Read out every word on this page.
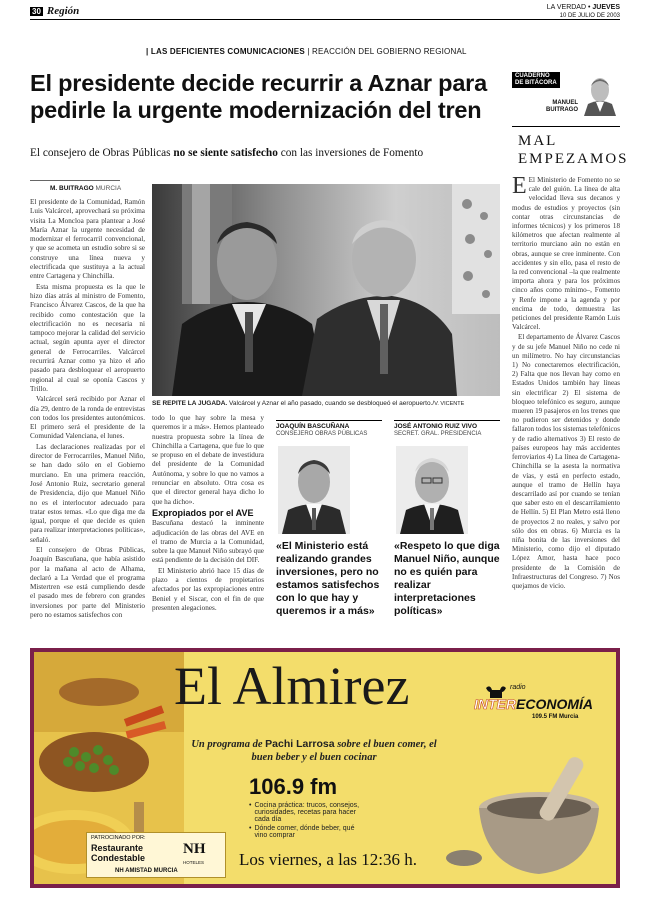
30 Región	LA VERDAD • JUEVES
10 DE JULIO DE 2003
| LAS DEFICIENTES COMUNICACIONES | REACCIÓN DEL GOBIERNO REGIONAL
El presidente decide recurrir a Aznar para pedirle la urgente modernización del tren
El consejero de Obras Públicas no se siente satisfecho con las inversiones de Fomento
M. BUITRAGO MURCIA

El presidente de la Comunidad, Ramón Luis Valcárcel, aprovechará su próxima visita La Moncloa para plantear a José María Aznar la urgente necesidad de modernizar el ferrocarril convencional, y que se acometa un estudio sobre si se construye una línea nueva y electrificada que sustituya a la actual entre Cartagena y Chinchilla.

Esta misma propuesta es la que le hizo días atrás al ministro de Fomento, Francisco Álvarez Cascos, de la que ha recibido como contestación que la electrificación no es necesaria ni tampoco mejorar la calidad del servicio actual, según apunta ayer el director general de Ferrocarriles. Valcárcel recurrirá Aznar como ya hizo el año pasado para desbloquear el aeropuerto regional al cual se oponía Cascos y Trillo.

Valcárcel será recibido por Aznar el día 29, dentro de la ronda de entrevistas con todos los presidentes autonómicos. El primero será el presidente de la Comunidad Valenciana, el lunes.

Las declaraciones realizadas por el director de Ferrocarriles, Manuel Niño, se han dado sólo en el Gobierno murciano. En una primera reacción, José Antonio Ruiz, secretario general de Presidencia, dijo que Manuel Niño no es el interlocutor adecuado para tratar estos temas. «Lo que diga me da igual, porque el que decide es quien para realizar interpretaciones políticas», señaló.

El consejero de Obras Públicas, Joaquín Bascuñana, que había asistido por la mañana al acto de Alhama, declaró a La Verdad que el programa Mistertren «se está cumpliendo desde el pasado mes de febrero con grandes inversiones por parte del Ministerio pero no estamos satisfechos con

SE REPITE LA JUGADA. Valcárcel y Aznar el año pasado, cuando se desbloqueó el aeropuerto./V. VICENTE

todo lo que hay sobre la mesa y queremos ir a más». Hemos planteado nuestra propuesta sobre la línea de Chinchilla a Cartagena, que fue lo que se propuso en el debate de investidura del presidente de la Comunidad Autónoma, y sobre lo que no vamos a renunciar en absoluto. Otra cosa es que el director general haya dicho lo que ha dicho».

Expropiados por el AVE

Bascuñana destacó la inminente adjudicación de las obras del AVE en el tramo de Murcia a la Comunidad, sobre la que Manuel Niño subrayó que está pendiente de la decisión del DIF.

El Ministerio abrió hace 15 días de plazo a cientos de propietarios afectados por las expropiaciones entre Beniel y el Siscar, con el fin de que presenten alegaciones.

JOAQUÍN BASCUÑANA
CONSEJERO OBRAS PÚBLICAS
«El Ministerio está realizando grandes inversiones, pero no estamos satisfechos con lo que hay y queremos ir a más»
JOSÉ ANTONIO RUIZ VIVO
SECRET. GRAL. PRESIDENCIA
«Respeto lo que diga Manuel Niño, aunque no es quién para realizar interpretaciones políticas»
CUADERNO
DE BITÁCORA
MANUEL
BUITRAGO
MAL
EMPEZAMOS

E El Ministerio de Fomento no se cale del guión. La línea de alta velocidad lleva sus decanos y modus de estudios y proyectos (sin contar otras circunstancias de informes técnicos) y los primeros 18 kilómetros que afectan realmente al territorio murciano aún no están en obras, aunque se cree inminente. Con accidentes y sin ello, pasa el resto de la red convencional –la que realmente importa ahora y para los próximos cinco años como mínimo–, Fomento y Renfe impone a la agenda y por encima de todo, demuestra las peticiones del presidente Ramón Luis Valcárcel.

El departamento de Álvarez Cascos y de su jefe Manuel Niño no cede ni un milímetro. No hay circunstancias 1) No conectaremos electrificación, 2) Falta que nos llevan hay como en Estados Unidos también hay líneas sin electrificar 2) El sistema de bloqueo telefónico es seguro, aunque mueren 19 pasajeros en los trenes que no pudieron ser detenidos y donde fallaron todos los sistemas telefónicos y de radio alternativos 3) El resto de países europeos hay más accidentes ferroviarios 4) La línea de Cartagena-Chinchilla se la asesta la normativa de vías, y está en perfecto estado, aunque el tramo de Hellín haya descarrilado así por cuando se tenían que saber esto en el descarrilamiento de Hellín. 5) El Plan Metro está lleno de proyectos 2 no reales, y salvo por sólo dos en obras. 6) Murcia es la niña bonita de las inversiones del Ministerio, como dijo el diputado López Amor, hasta hace poco presidente de la Comisión de Infraestructuras del Congreso. 7) Nos quejamos de vicio.

El Almirez	radio
INTERECONOMÍA
109.5 FM Murcia
Un programa de Pachi Larrosa sobre el buen comer, el buen beber y el buen cocinar
106.9 fm
• Cocina práctica: trucos, consejos, curiosidades, recetas para hacer cada día
• Dónde comer, dónde beber, qué vino comprar
PATROCINADO POR:
Restaurante
Condestable
NH
HOTELES
NH AMISTAD MURCIA
Los viernes, a las 12:36 h.
